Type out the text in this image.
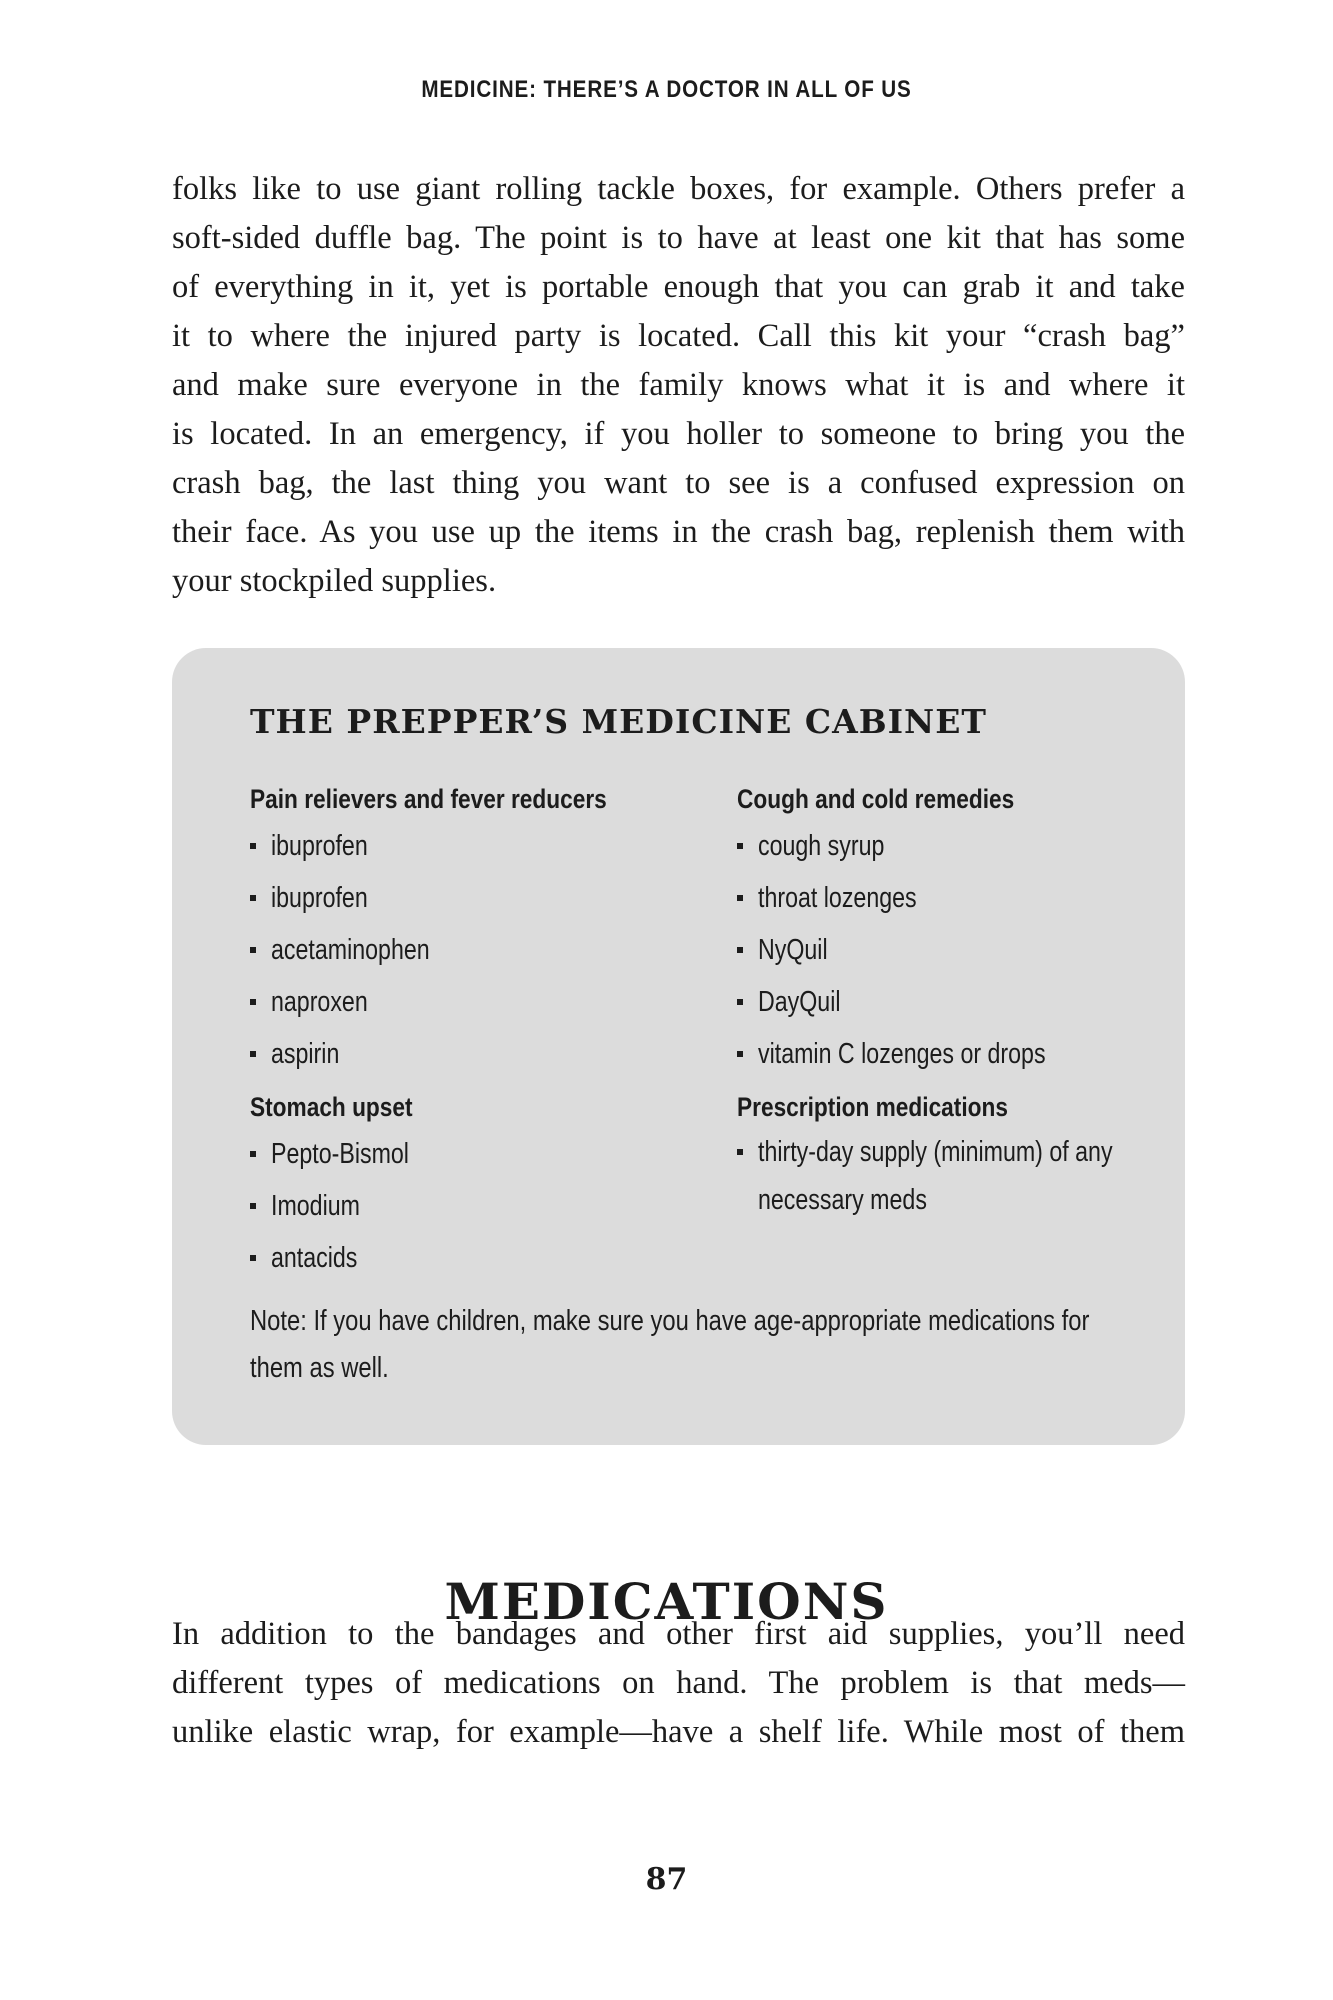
MEDICINE: THERE’S A DOCTOR IN ALL OF US
folks like to use giant rolling tackle boxes, for example. Others prefer a
soft-sided duffle bag. The point is to have at least one kit that has some
of everything in it, yet is portable enough that you can grab it and take
it to where the injured party is located. Call this kit your “crash bag”
and make sure everyone in the family knows what it is and where it
is located. In an emergency, if you holler to someone to bring you the
crash bag, the last thing you want to see is a confused expression on
their face. As you use up the items in the crash bag, replenish them with
your stockpiled supplies.
THE PREPPER’S MEDICINE CABINET
Pain relievers and fever reducers
ibuprofen
ibuprofen
acetaminophen
naproxen
aspirin
Stomach upset
Pepto-Bismol
Imodium
antacids
Cough and cold remedies
cough syrup
throat lozenges
NyQuil
DayQuil
vitamin C lozenges or drops
Prescription medications
thirty-day supply (minimum) of any necessary meds
Note: If you have children, make sure you have age-appropriate medications for them as well.
MEDICATIONS
In addition to the bandages and other first aid supplies, you’ll need
different types of medications on hand. The problem is that meds—
unlike elastic wrap, for example—have a shelf life. While most of them
87
